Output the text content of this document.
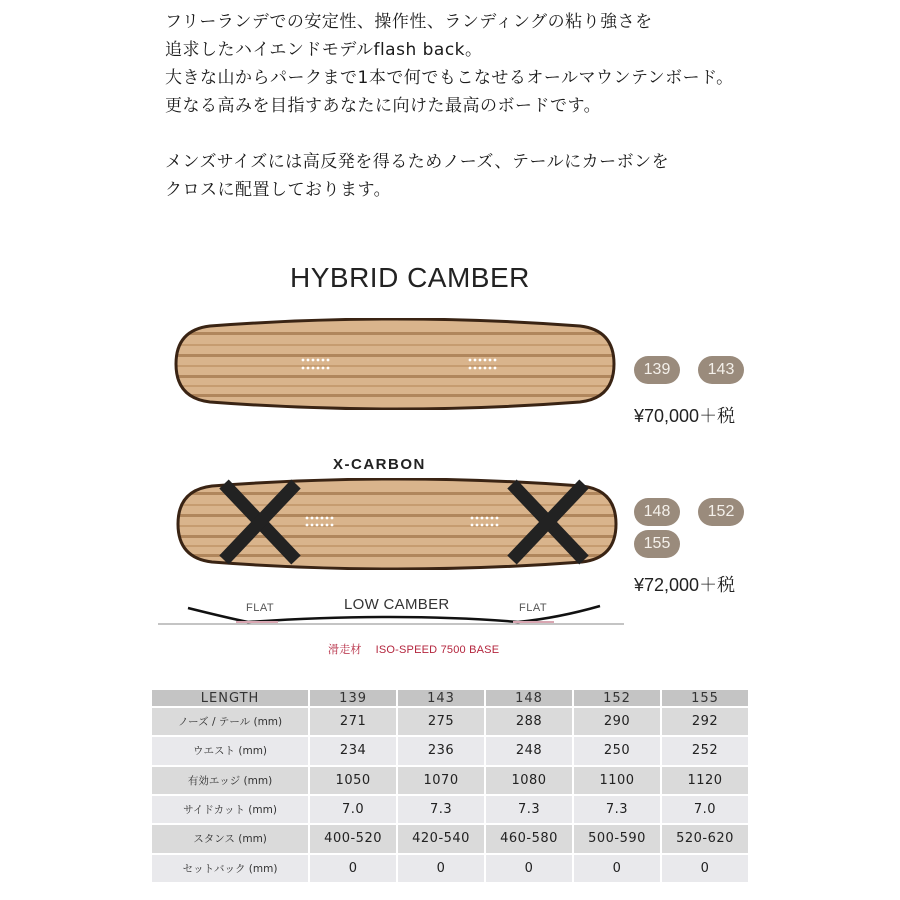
フリーランデでの安定性、操作性、ランディングの粘り強さを

追求したハイエンドモデルflash back。

大きな山からパークまで1本で何でもこなせるオールマウンテンボード。

更なる高みを目指すあなたに向けた最高のボードです。

メンズサイズには高反発を得るためノーズ、テールにカーボンを

クロスに配置しております。

HYBRID CAMBER
139	143
¥70,000＋税
X-CARBON
148	152
155
¥72,000＋税
FLAT	LOW CAMBER	FLAT
滑走材 ISO-SPEED 7500 BASE
LENGTH	139	143	148	152	155
ノーズ / テール (mm)	271	275	288	290	292
ウエスト (mm)	234	236	248	250	252
有効エッジ (mm)	1050	1070	1080	1100	1120
サイドカット (mm)	7.0	7.3	7.3	7.3	7.0
スタンス (mm)	400-520	420-540	460-580	500-590	520-620
セットバック (mm)	0	0	0	0	0
